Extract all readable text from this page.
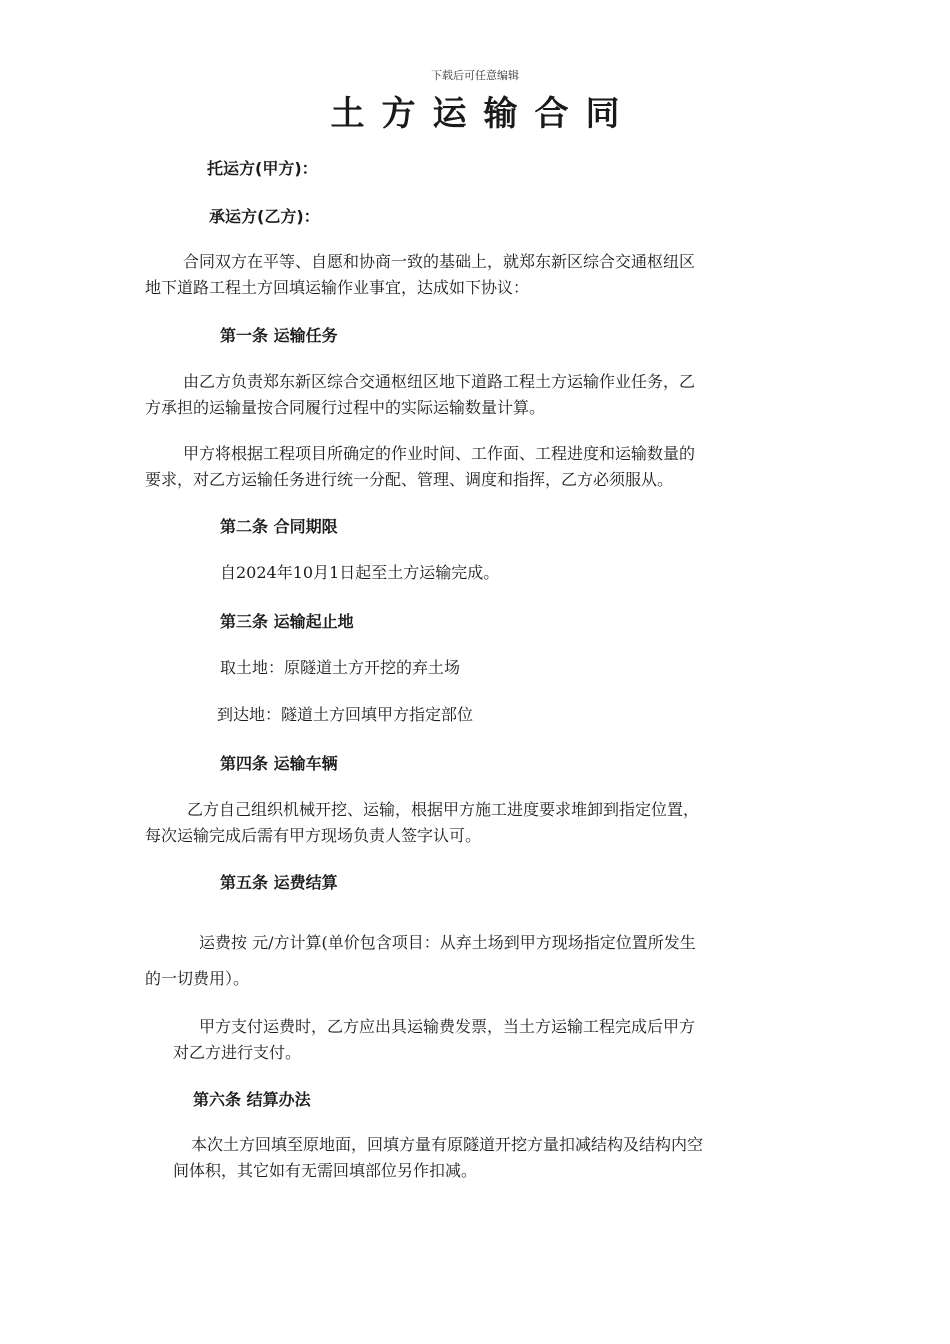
下载后可任意编辑

土方运输合同

托运方(甲方)：

承运方(乙方)：

合同双方在平等、自愿和协商一致的基础上，就郑东新区综合交通枢纽区

地下道路工程土方回填运输作业事宜，达成如下协议：

第一条 运输任务

由乙方负责郑东新区综合交通枢纽区地下道路工程土方运输作业任务，乙

方承担的运输量按合同履行过程中的实际运输数量计算。

甲方将根据工程项目所确定的作业时间、工作面、工程进度和运输数量的

要求，对乙方运输任务进行统一分配、管理、调度和指挥，乙方必须服从。

第二条 合同期限

自2024年10月1日起至土方运输完成。

第三条 运输起止地

取土地：原隧道土方开挖的弃土场

到达地：隧道土方回填甲方指定部位

第四条 运输车辆

乙方自己组织机械开挖、运输，根据甲方施工进度要求堆卸到指定位置，

每次运输完成后需有甲方现场负责人签字认可。

第五条 运费结算

运费按 元/方计算(单价包含项目：从弃土场到甲方现场指定位置所发生

的一切费用）。

甲方支付运费时，乙方应出具运输费发票，当土方运输工程完成后甲方

对乙方进行支付。

第六条 结算办法

本次土方回填至原地面，回填方量有原隧道开挖方量扣减结构及结构内空

间体积，其它如有无需回填部位另作扣减。
